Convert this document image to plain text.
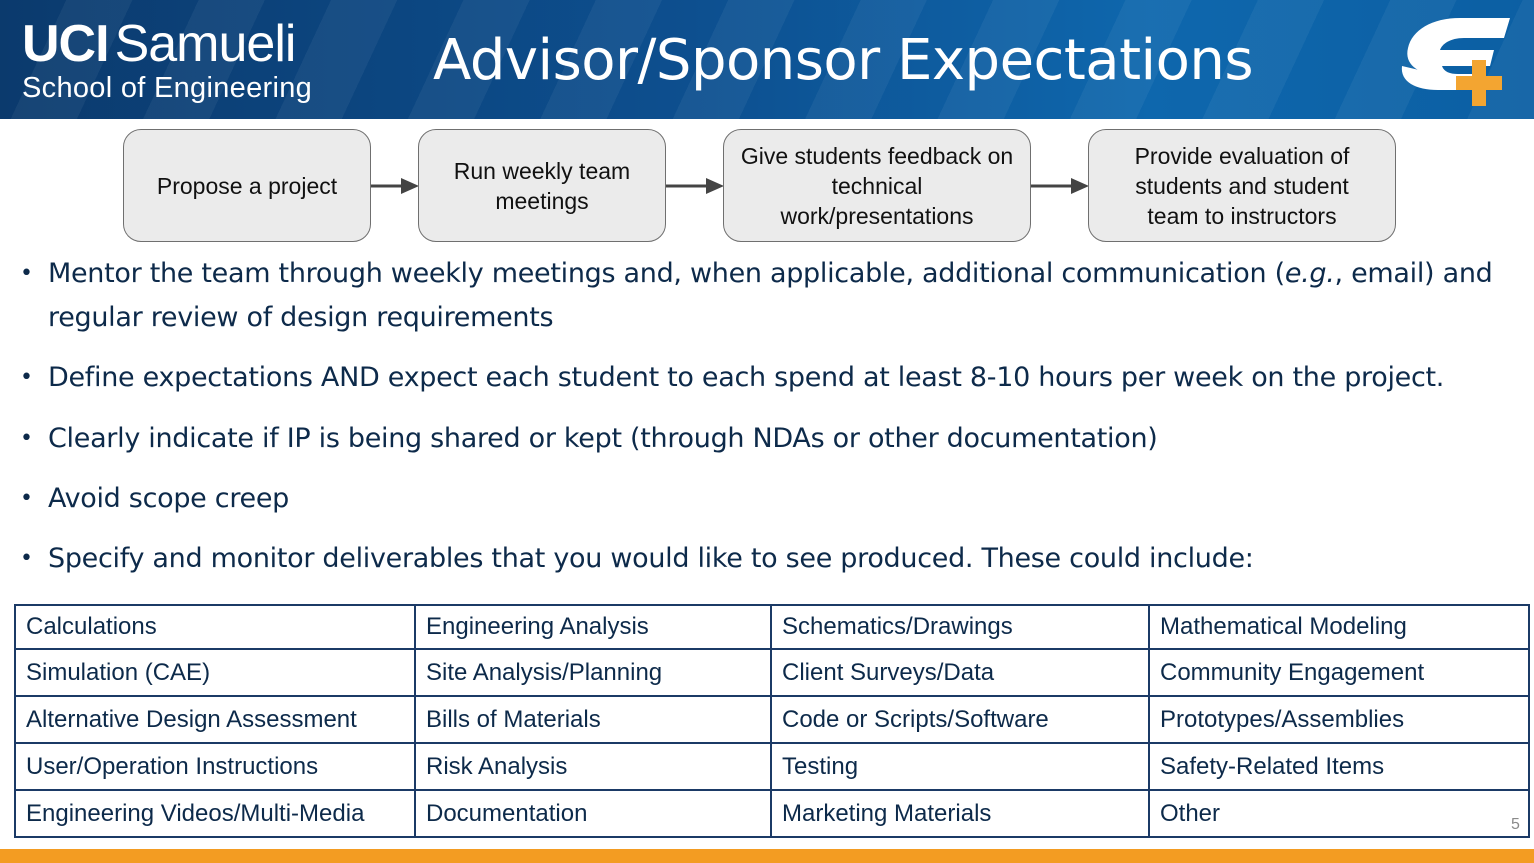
UCI Samueli
School of Engineering Advisor/Sponsor Expectations
Propose a project
Run weekly team meetings
Give students feedback on technical work/presentations
Provide evaluation of students and student team to instructors
• Mentor the team through weekly meetings and, when applicable, additional communication (e.g., email) and regular review of design requirements
• Define expectations AND expect each student to each spend at least 8-10 hours per week on the project.
• Clearly indicate if IP is being shared or kept (through NDAs or other documentation)
• Avoid scope creep
• Specify and monitor deliverables that you would like to see produced. These could include:
Calculations	Engineering Analysis	Schematics/Drawings	Mathematical Modeling
Simulation (CAE)	Site Analysis/Planning	Client Surveys/Data	Community Engagement
Alternative Design Assessment	Bills of Materials	Code or Scripts/Software	Prototypes/Assemblies
User/Operation Instructions	Risk Analysis	Testing	Safety-Related Items
Engineering Videos/Multi-Media	Documentation	Marketing Materials	Other	5
